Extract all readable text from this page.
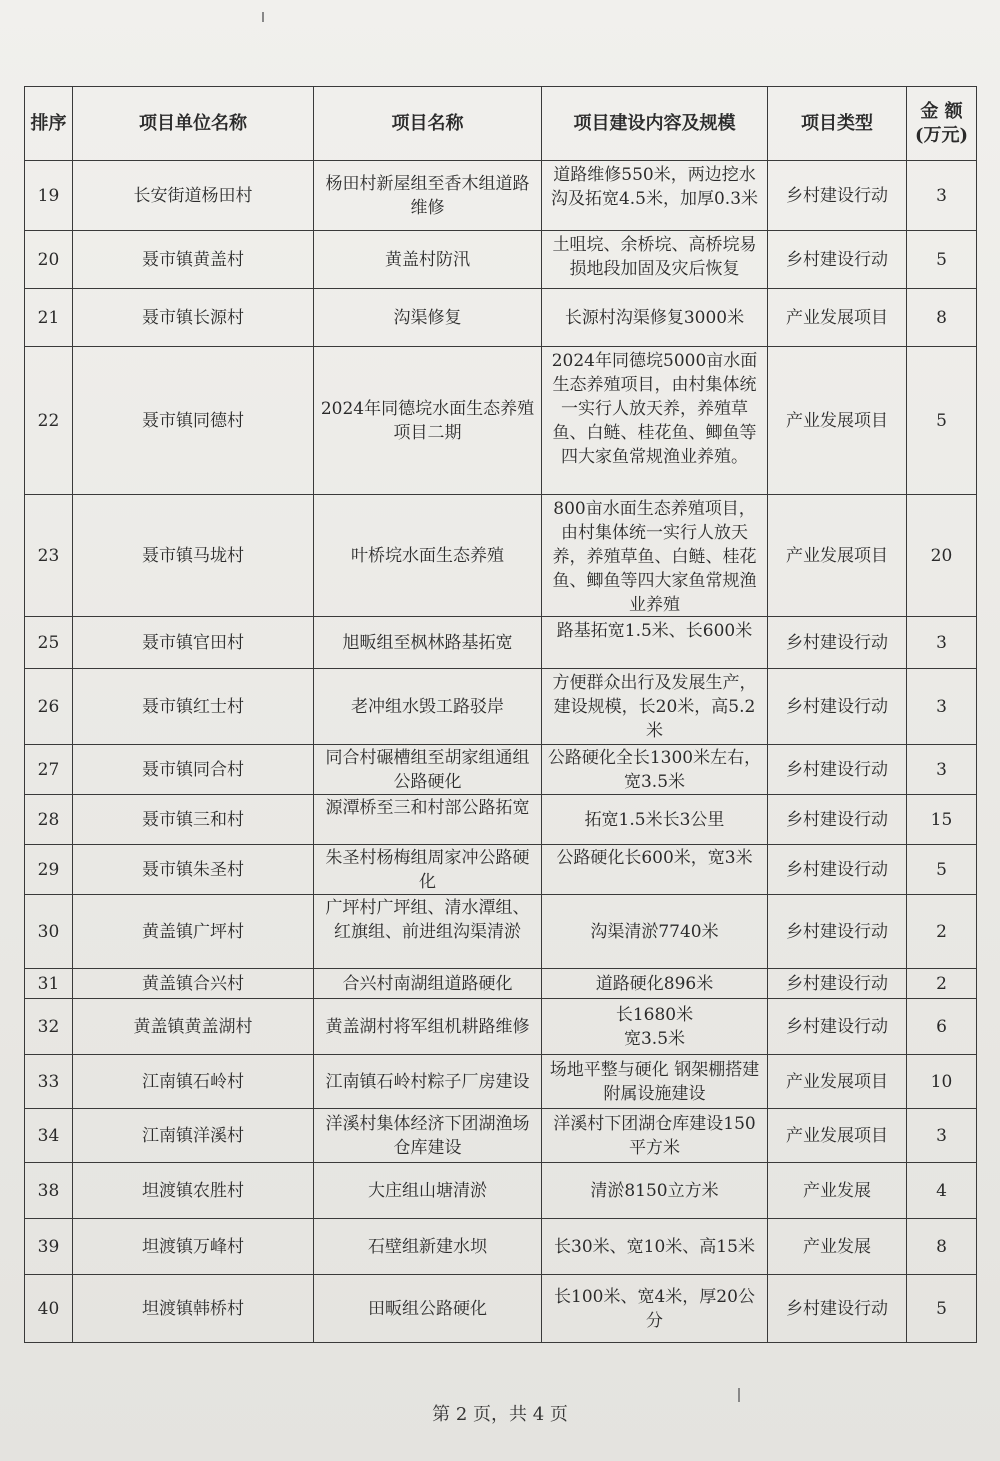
排序	项目单位名称	项目名称	项目建设内容及规模	项目类型	金 额
(万元)

19	长安街道杨田村	杨田村新屋组至香木组道路维修	道路维修550米，两边挖水沟及拓宽4.5米，加厚0.3米	乡村建设行动	3
20	聂市镇黄盖村	黄盖村防汛	土咀垸、余桥垸、高桥垸易损地段加固及灾后恢复	乡村建设行动	5
21	聂市镇长源村	沟渠修复	长源村沟渠修复3000米	产业发展项目	8
22	聂市镇同德村	2024年同德垸水面生态养殖项目二期	2024年同德垸5000亩水面生态养殖项目，由村集体统一实行人放天养，养殖草鱼、白鲢、桂花鱼、鲫鱼等四大家鱼常规渔业养殖。	产业发展项目	5
23	聂市镇马垅村	叶桥垸水面生态养殖	800亩水面生态养殖项目，由村集体统一实行人放天养，养殖草鱼、白鲢、桂花鱼、鲫鱼等四大家鱼常规渔业养殖	产业发展项目	20
25	聂市镇官田村	旭畈组至枫林路基拓宽	路基拓宽1.5米、长600米	乡村建设行动	3
26	聂市镇红士村	老冲组水毁工路驳岸	方便群众出行及发展生产，建设规模，长20米，高5.2米	乡村建设行动	3
27	聂市镇同合村	同合村碾槽组至胡家组通组公路硬化	公路硬化全长1300米左右，宽3.5米	乡村建设行动	3
28	聂市镇三和村	源潭桥至三和村部公路拓宽	拓宽1.5米长3公里	乡村建设行动	15
29	聂市镇朱圣村	朱圣村杨梅组周家冲公路硬化	公路硬化长600米，宽3米	乡村建设行动	5
30	黄盖镇广坪村	广坪村广坪组、清水潭组、红旗组、前进组沟渠清淤	沟渠清淤7740米	乡村建设行动	2
31	黄盖镇合兴村	合兴村南湖组道路硬化	道路硬化896米	乡村建设行动	2
32	黄盖镇黄盖湖村	黄盖湖村将军组机耕路维修	长1680米
宽3.5米	乡村建设行动	6
33	江南镇石岭村	江南镇石岭村粽子厂房建设	场地平整与硬化 钢架棚搭建 附属设施建设	产业发展项目	10
34	江南镇洋溪村	洋溪村集体经济下团湖渔场仓库建设	洋溪村下团湖仓库建设150平方米	产业发展项目	3
38	坦渡镇农胜村	大庄组山塘清淤	清淤8150立方米	产业发展	4
39	坦渡镇万峰村	石壁组新建水坝	长30米、宽10米、高15米	产业发展	8
40	坦渡镇韩桥村	田畈组公路硬化	长100米、宽4米，厚20公分	乡村建设行动	5
第 2 页，共 4 页
